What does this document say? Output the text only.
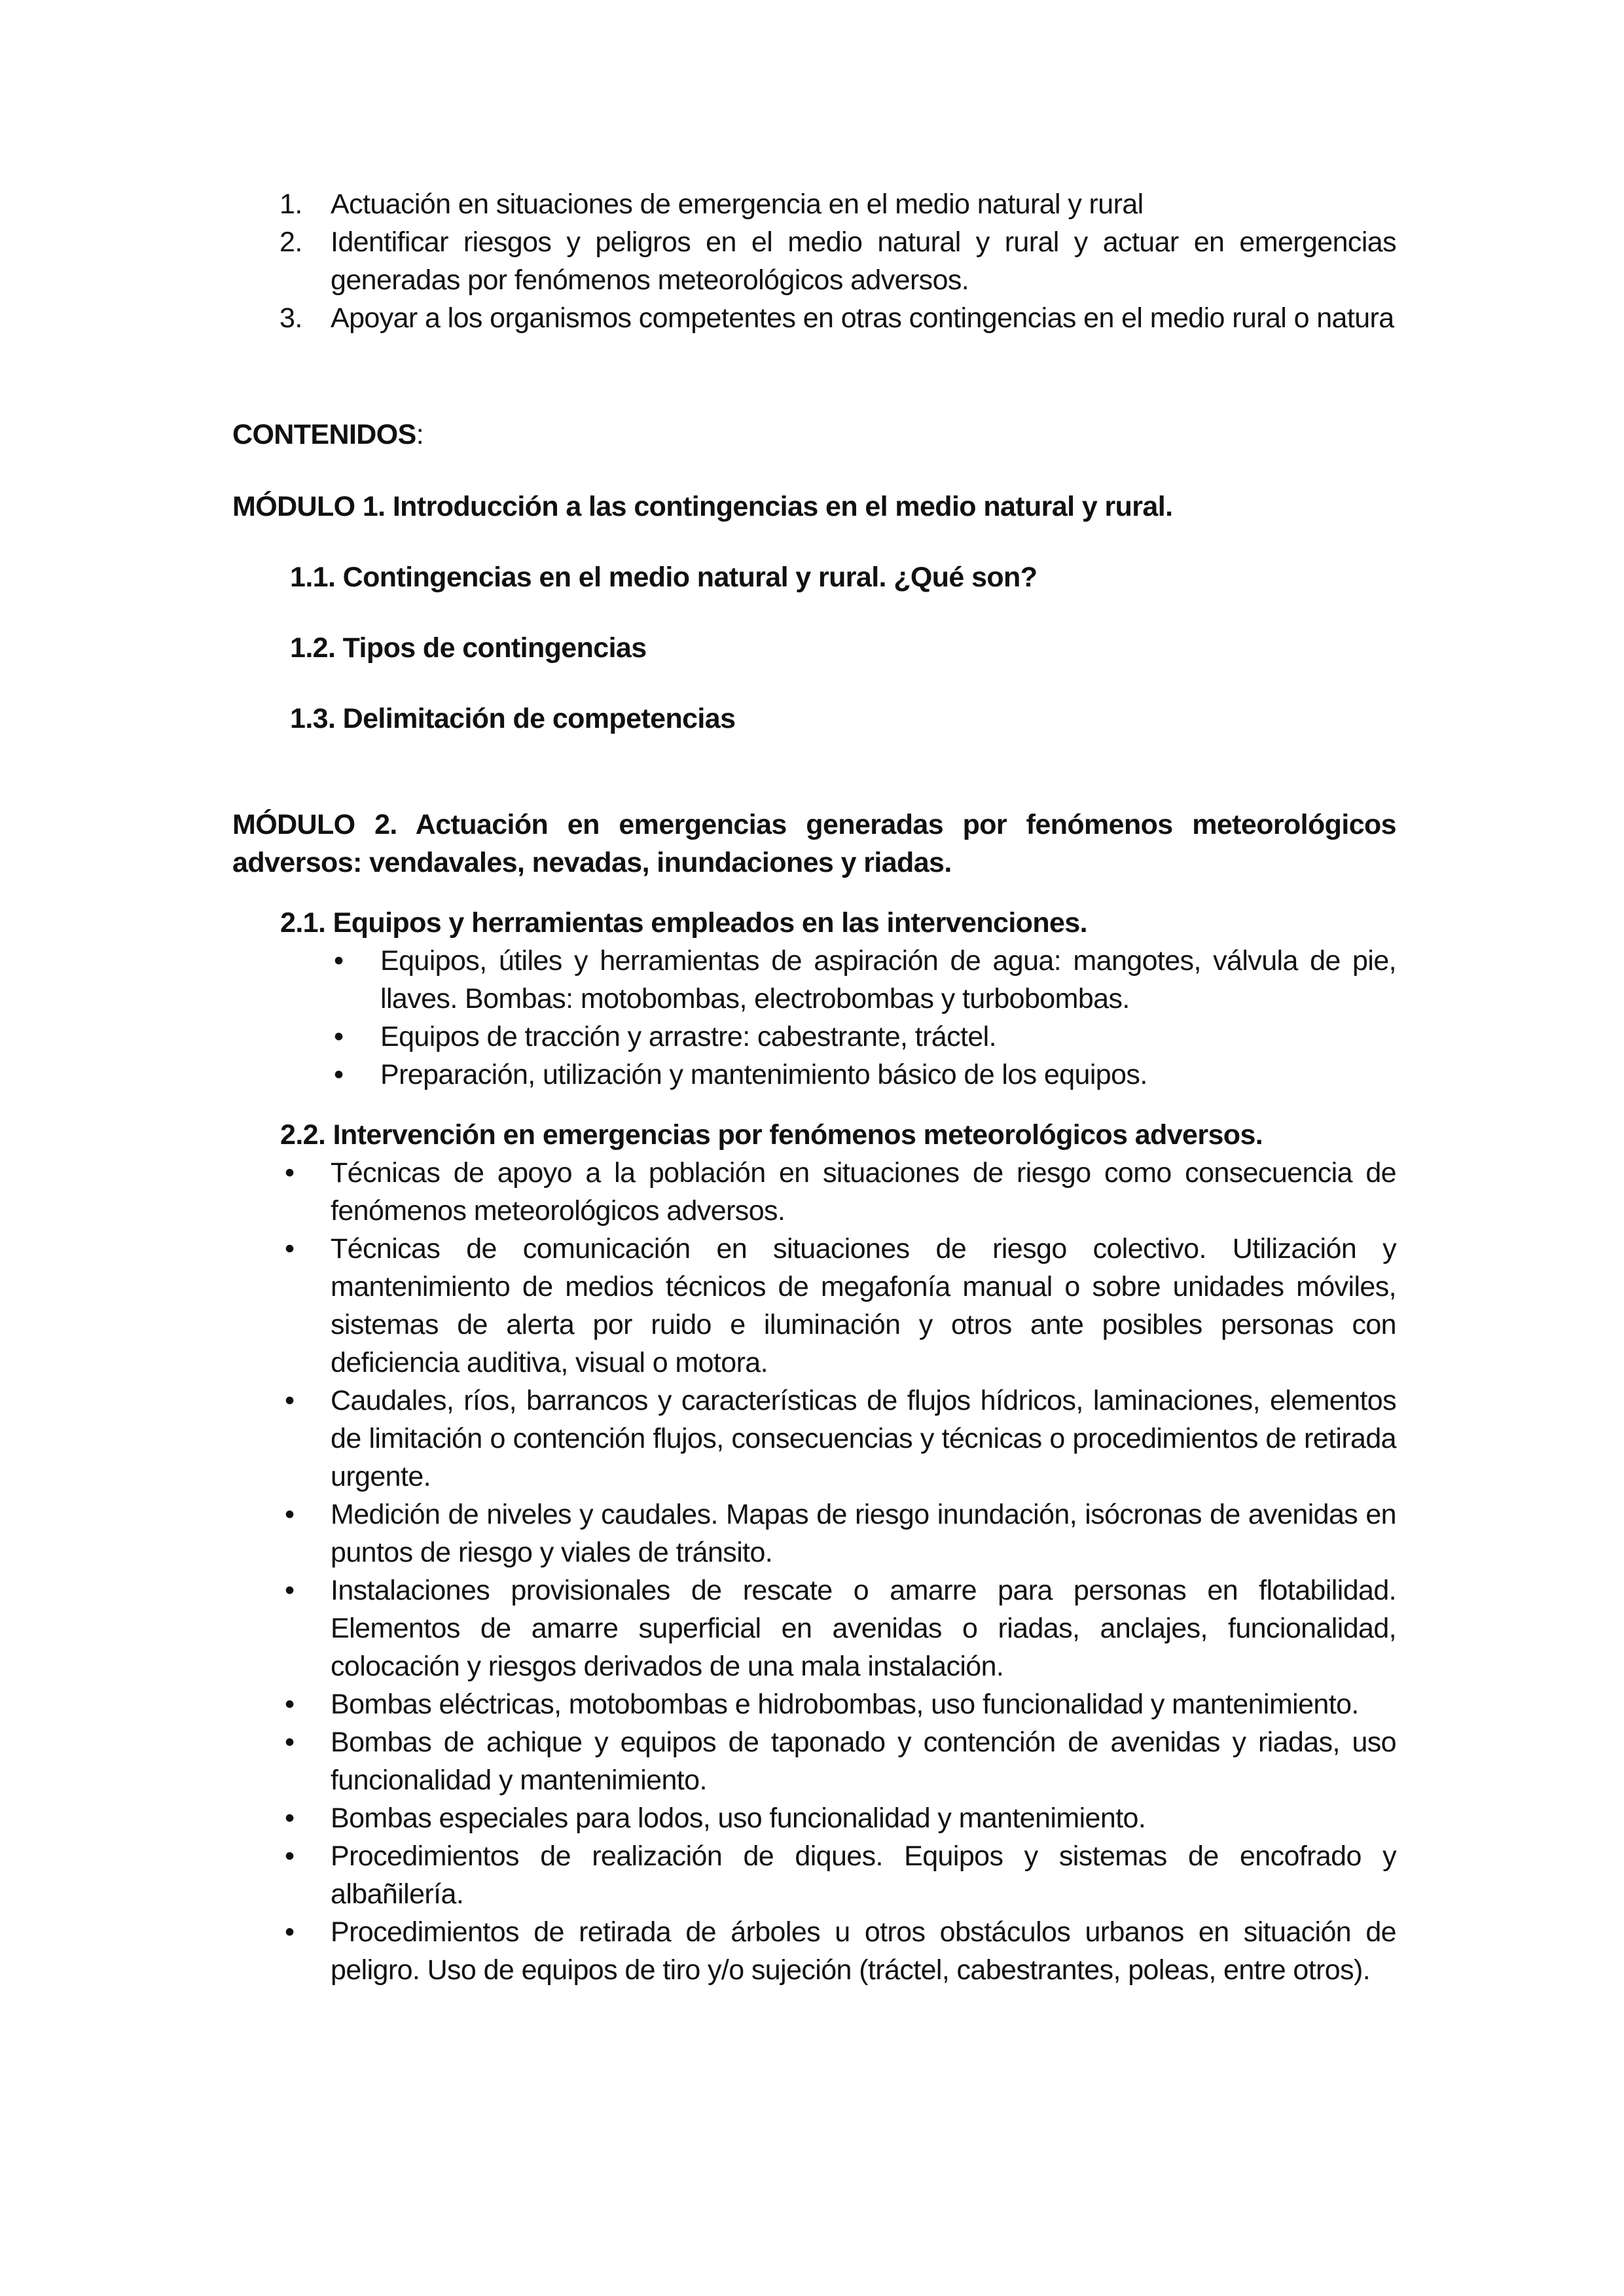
1. Actuación en situaciones de emergencia en el medio natural y rural
2. Identificar riesgos y peligros en el medio natural y rural y actuar en emergencias generadas por fenómenos meteorológicos adversos.
3. Apoyar a los organismos competentes en otras contingencias en el medio rural o natura

CONTENIDOS:

MÓDULO 1. Introducción a las contingencias en el medio natural y rural.

1.1. Contingencias en el medio natural y rural. ¿Qué son?

1.2. Tipos de contingencias

1.3. Delimitación de competencias

MÓDULO 2. Actuación en emergencias generadas por fenómenos meteorológicos adversos: vendavales, nevadas, inundaciones y riadas.

2.1. Equipos y herramientas empleados en las intervenciones.

• Equipos, útiles y herramientas de aspiración de agua: mangotes, válvula de pie, llaves. Bombas: motobombas, electrobombas y turbobombas.
• Equipos de tracción y arrastre: cabestrante, tráctel.
• Preparación, utilización y mantenimiento básico de los equipos.

2.2. Intervención en emergencias por fenómenos meteorológicos adversos.

• Técnicas de apoyo a la población en situaciones de riesgo como consecuencia de fenómenos meteorológicos adversos.
• Técnicas de comunicación en situaciones de riesgo colectivo. Utilización y mantenimiento de medios técnicos de megafonía manual o sobre unidades móviles, sistemas de alerta por ruido e iluminación y otros ante posibles personas con deficiencia auditiva, visual o motora.
• Caudales, ríos, barrancos y características de flujos hídricos, laminaciones, elementos de limitación o contención flujos, consecuencias y técnicas o procedimientos de retirada urgente.
• Medición de niveles y caudales. Mapas de riesgo inundación, isócronas de avenidas en puntos de riesgo y viales de tránsito.
• Instalaciones provisionales de rescate o amarre para personas en flotabilidad. Elementos de amarre superficial en avenidas o riadas, anclajes, funcionalidad, colocación y riesgos derivados de una mala instalación.
• Bombas eléctricas, motobombas e hidrobombas, uso funcionalidad y mantenimiento.
• Bombas de achique y equipos de taponado y contención de avenidas y riadas, uso funcionalidad y mantenimiento.
• Bombas especiales para lodos, uso funcionalidad y mantenimiento.
• Procedimientos de realización de diques. Equipos y sistemas de encofrado y albañilería.
• Procedimientos de retirada de árboles u otros obstáculos urbanos en situación de peligro. Uso de equipos de tiro y/o sujeción (tráctel, cabestrantes, poleas, entre otros).
